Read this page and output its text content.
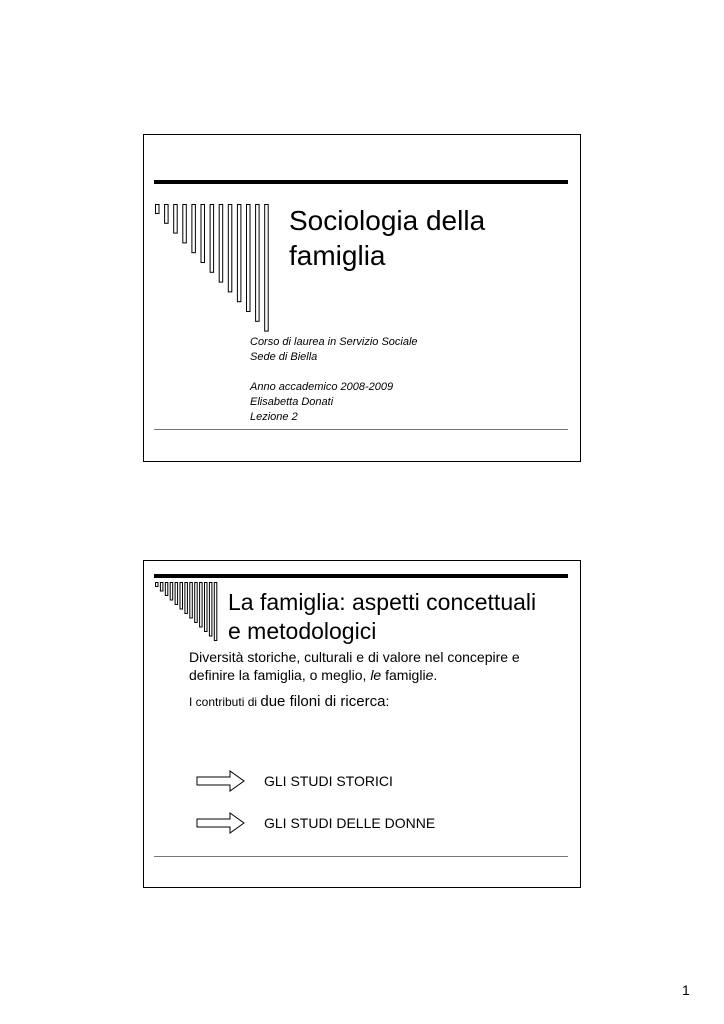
Sociologia della
famiglia
Corso di laurea in Servizio Sociale
Sede di Biella
Anno accademico 2008-2009
Elisabetta Donati
Lezione 2
La famiglia: aspetti concettuali
e metodologici
Diversità storiche, culturali e di valore nel concepire e definire la famiglia, o meglio, le famiglie.
I contributi di due filoni di ricerca:
GLI STUDI STORICI
GLI STUDI DELLE DONNE
1
